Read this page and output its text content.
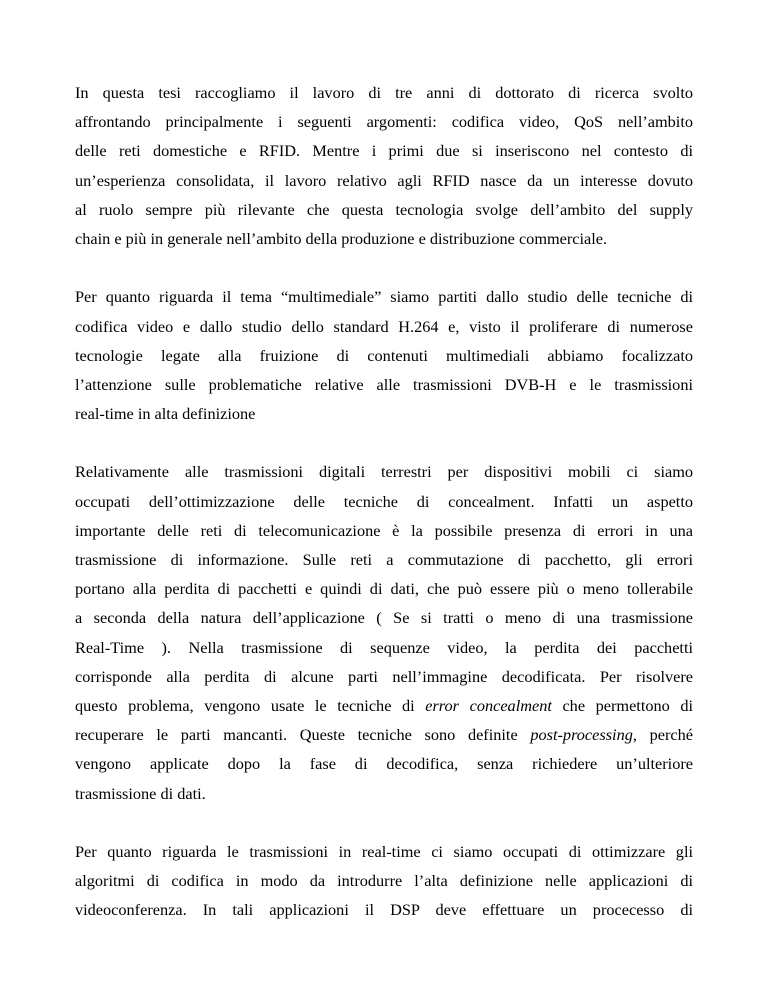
In questa tesi raccogliamo il lavoro di tre anni di dottorato di ricerca svolto
affrontando principalmente i seguenti argomenti: codifica video, QoS nell’ambito
delle reti domestiche e RFID. Mentre i primi due si inseriscono nel contesto di
un’esperienza consolidata, il lavoro relativo agli RFID nasce da un interesse dovuto
al ruolo sempre più rilevante che questa tecnologia svolge dell’ambito del supply
chain e più in generale nell’ambito della produzione e distribuzione commerciale.
Per quanto riguarda il tema “multimediale” siamo partiti dallo studio delle tecniche di
codifica video e dallo studio dello standard H.264 e, visto il proliferare di numerose
tecnologie legate alla fruizione di contenuti multimediali abbiamo focalizzato
l’attenzione sulle problematiche relative alle trasmissioni DVB-H e le trasmissioni
real-time in alta definizione
Relativamente alle trasmissioni digitali terrestri per dispositivi mobili ci siamo
occupati dell’ottimizzazione delle tecniche di concealment. Infatti un aspetto
importante delle reti di telecomunicazione è la possibile presenza di errori in una
trasmissione di informazione. Sulle reti a commutazione di pacchetto, gli errori
portano alla perdita di pacchetti e quindi di dati, che può essere più o meno tollerabile
a seconda della natura dell’applicazione ( Se si tratti o meno di una trasmissione
Real-Time ). Nella trasmissione di sequenze video, la perdita dei pacchetti
corrisponde alla perdita di alcune parti nell’immagine decodificata. Per risolvere
questo problema, vengono usate le tecniche di error concealment che permettono di
recuperare le parti mancanti. Queste tecniche sono definite post-processing, perché
vengono applicate dopo la fase di decodifica, senza richiedere un’ulteriore
trasmissione di dati.
Per quanto riguarda le trasmissioni in real-time ci siamo occupati di ottimizzare gli
algoritmi di codifica in modo da introdurre l’alta definizione nelle applicazioni di
videoconferenza. In tali applicazioni il DSP deve effettuare un procecesso di
